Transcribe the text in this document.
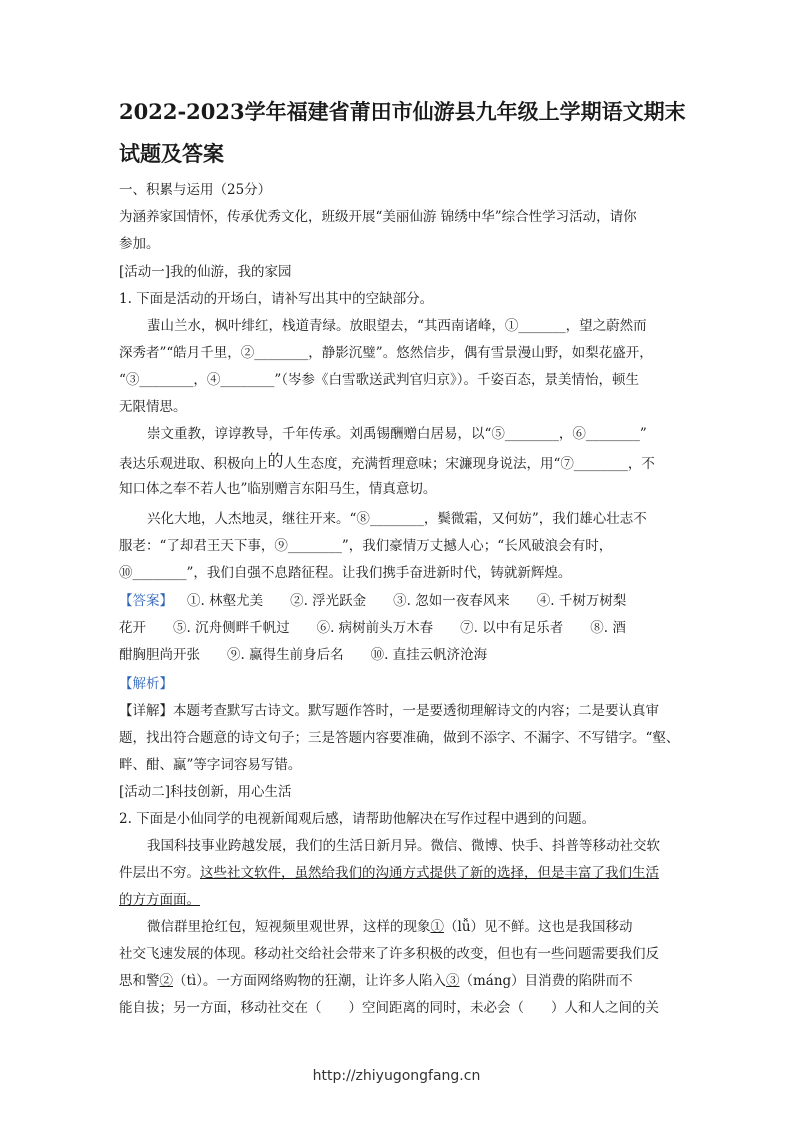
2022-2023学年福建省莆田市仙游县九年级上学期语文期末
试题及答案
一、积累与运用（25分）
为涵养家国情怀，传承优秀文化，班级开展“美丽仙游 锦绣中华”综合性学习活动，请你
参加。
[活动一]我的仙游，我的家园
1. 下面是活动的开场白，请补写出其中的空缺部分。
蜚山兰水，枫叶绯红，栈道青绿。放眼望去，“其西南诸峰，①_______，望之蔚然而
深秀者”“皓月千里，②________，静影沉璧”。悠然信步，偶有雪景漫山野，如梨花盛开，
“③________，④________”（岑参《白雪歌送武判官归京》）。千姿百态，景美情怡，顿生
无限情思。
崇文重教，谆谆教导，千年传承。刘禹锡酬赠白居易，以“⑤________，⑥________”
表达乐观进取、积极向上的人生态度，充满哲理意味；宋濂现身说法，用“⑦________，不
知口体之奉不若人也”临别赠言东阳马生，情真意切。
兴化大地，人杰地灵，继往开来。“⑧________，鬓微霜，又何妨”，我们雄心壮志不
服老：“了却君王天下事，⑨________”，我们豪情万丈撼人心；“长风破浪会有时，
⑩________”，我们自强不息踏征程。让我们携手奋进新时代，铸就新辉煌。
【答案】 ①. 林壑尤美　　②. 浮光跃金　　③. 忽如一夜春风来　　④. 千树万树梨
花开　　⑤. 沉舟侧畔千帆过　　⑥. 病树前头万木春　　⑦. 以中有足乐者　　⑧. 酒
酣胸胆尚开张　　⑨. 赢得生前身后名　　⑩. 直挂云帆济沧海
【解析】
【详解】本题考查默写古诗文。默写题作答时，一是要透彻理解诗文的内容；二是要认真审
题，找出符合题意的诗文句子；三是答题内容要准确，做到不添字、不漏字、不写错字。“壑、
畔、酣、赢”等字词容易写错。
[活动二]科技创新，用心生活
2. 下面是小仙同学的电视新闻观后感，请帮助他解决在写作过程中遇到的问题。
我国科技事业跨越发展，我们的生活日新月异。微信、微博、快手、抖普等移动社交软
件层出不穷。这些社文软件，虽然给我们的沟通方式提供了新的选择，但是丰富了我们生活
的方方面面。
微信群里抢红包，短视频里观世界，这样的现象①（lǚ）见不鲜。这也是我国移动
社交飞速发展的体现。移动社交给社会带来了许多积极的改变，但也有一些问题需要我们反
思和警②（tì）。一方面网络购物的狂潮，让许多人陷入③（máng）目消费的陷阱而不
能自拔；另一方面，移动社交在（　　）空间距离的同时，未必会（　　）人和人之间的关
http://zhiyugongfang.cn
